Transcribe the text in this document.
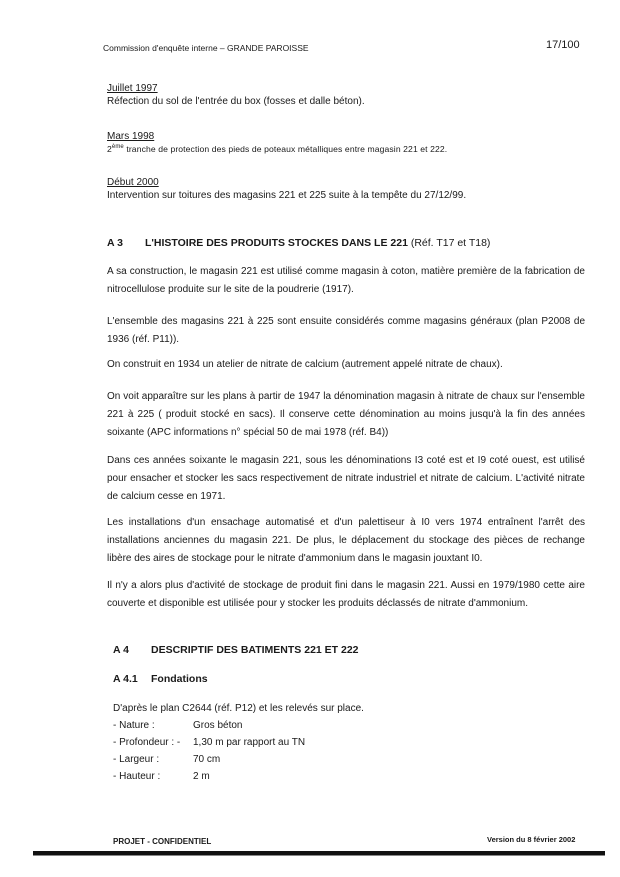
Commission d'enquête interne – GRANDE PAROISSE	17/100
Juillet 1997
Réfection du sol de l'entrée du box (fosses et dalle béton).
Mars 1998
2ème tranche de protection des pieds de poteaux métalliques entre magasin 221 et 222.
Début 2000
Intervention sur toitures des magasins 221 et 225 suite à la tempête du 27/12/99.
A 3 L'HISTOIRE DES PRODUITS STOCKES DANS LE 221 (Réf. T17 et T18)
A sa construction, le magasin 221 est utilisé comme magasin à coton, matière première de la fabrication de nitrocellulose produite sur le site de la poudrerie (1917).
L'ensemble des magasins 221 à 225 sont ensuite considérés comme magasins généraux (plan P2008 de 1936 (réf. P11)).
On construit en 1934 un atelier de nitrate de calcium (autrement appelé nitrate de chaux).
On voit apparaître sur les plans à partir de 1947 la dénomination magasin à nitrate de chaux sur l'ensemble 221 à 225 ( produit stocké en sacs). Il conserve cette dénomination au moins jusqu'à la fin des années soixante (APC informations n° spécial 50 de mai 1978 (réf. B4))
Dans ces années soixante le magasin 221, sous les dénominations I3 coté est et I9 coté ouest, est utilisé pour ensacher et stocker les sacs respectivement de nitrate industriel et nitrate de calcium. L'activité nitrate de calcium cesse en 1971.
Les installations d'un ensachage automatisé et d'un palettiseur à I0 vers 1974 entraînent l'arrêt des installations anciennes du magasin 221. De plus, le déplacement du stockage des pièces de rechange libère des aires de stockage pour le nitrate d'ammonium dans le magasin jouxtant I0.
Il n'y a alors plus d'activité de stockage de produit fini dans le magasin 221. Aussi en 1979/1980 cette aire couverte et disponible est utilisée pour y stocker les produits déclassés de nitrate d'ammonium.
A 4 DESCRIPTIF DES BATIMENTS 221 ET 222
A 4.1 Fondations
D'après le plan C2644 (réf. P12) et les relevés sur place.
- Nature :	Gros béton
- Profondeur : - 1,30 m par rapport au TN
- Largeur :	70 cm
- Hauteur :	2 m
PROJET - CONFIDENTIEL	Version du 8 février 2002
